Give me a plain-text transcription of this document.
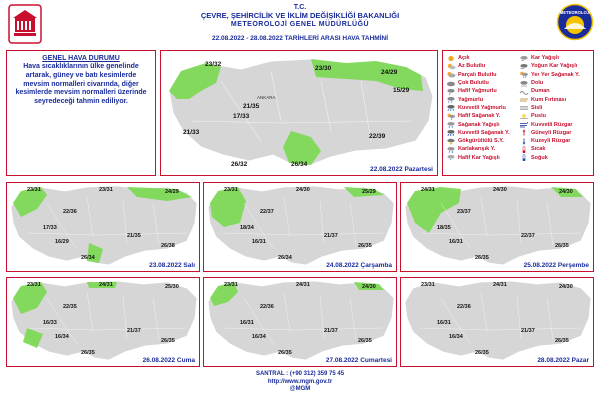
T.C.
ÇEVRE, ŞEHİRCİLİK VE İKLİM DEĞİŞİKLİĞİ BAKANLIĞI
METEOROLOJİ GENEL MÜDÜRLÜĞÜ
22.08.2022 - 28.08.2022 TARİHLERİ ARASI HAVA TAHMİNİ
METEOROLOJİ
GENEL HAVA DURUMU
Hava sıcaklıklarının ülke genelinde artarak, güney ve batı kesimlerde mevsim normalleri civarında, diğer kesimlerde mevsim normalleri üzerinde seyredeceği tahmin ediliyor.
22.08.2022 Pazartesi
23/32
23/30
24/29
15/29
21/35
17/33
21/33
22/39
26/32	26/34
ANKARA
Açık	** Kar Yağışlı
Az Bulutlu	*** Yoğun Kar Yağışlı
Parçalı Bulutlu	Yer Yer Sağanak Y.
Çok Bulutlu	Dolu
Hafif Yağmurlu	Duman
Yağmurlu	Kum Fırtınası
Kuvvetli Yağmurlu	Sisli
Hafif Sağanak Y.	Puslu
Sağanak Yağışlı	Kuvvetli Rüzgar
Kuvvetli Sağanak Y.	Güneyli Rüzgar
Gökgürültülü S.Y.	Kuzeyli Rüzgar
Karlakarışık Y.	Sıcak
* Hafif Kar Yağışlı	Soğuk
23/31	23/31	24/29
22/36
17/33
16/29
21/35
26/38
26/34
23.08.2022 Salı
23/31	24/30	25/29
22/37
18/34
16/31
21/37
26/35
26/34
24.08.2022 Çarşamba
24/31	24/30	24/30
23/37
18/35
16/31
22/37
26/35
26/35
25.08.2022 Perşembe
23/31	24/31	25/30
22/35
16/33
16/34
21/37
26/35
26/35
26.08.2022 Cuma
23/31	24/31	24/30
22/36
16/31
16/34
21/37
26/35
26/35
27.08.2022 Cumartesi
23/31	24/31	24/30
22/36
16/31
16/34
21/37
26/35
26/35
28.08.2022 Pazar
SANTRAL : (+90 312) 359 75 45
http://www.mgm.gov.tr
@MGM
